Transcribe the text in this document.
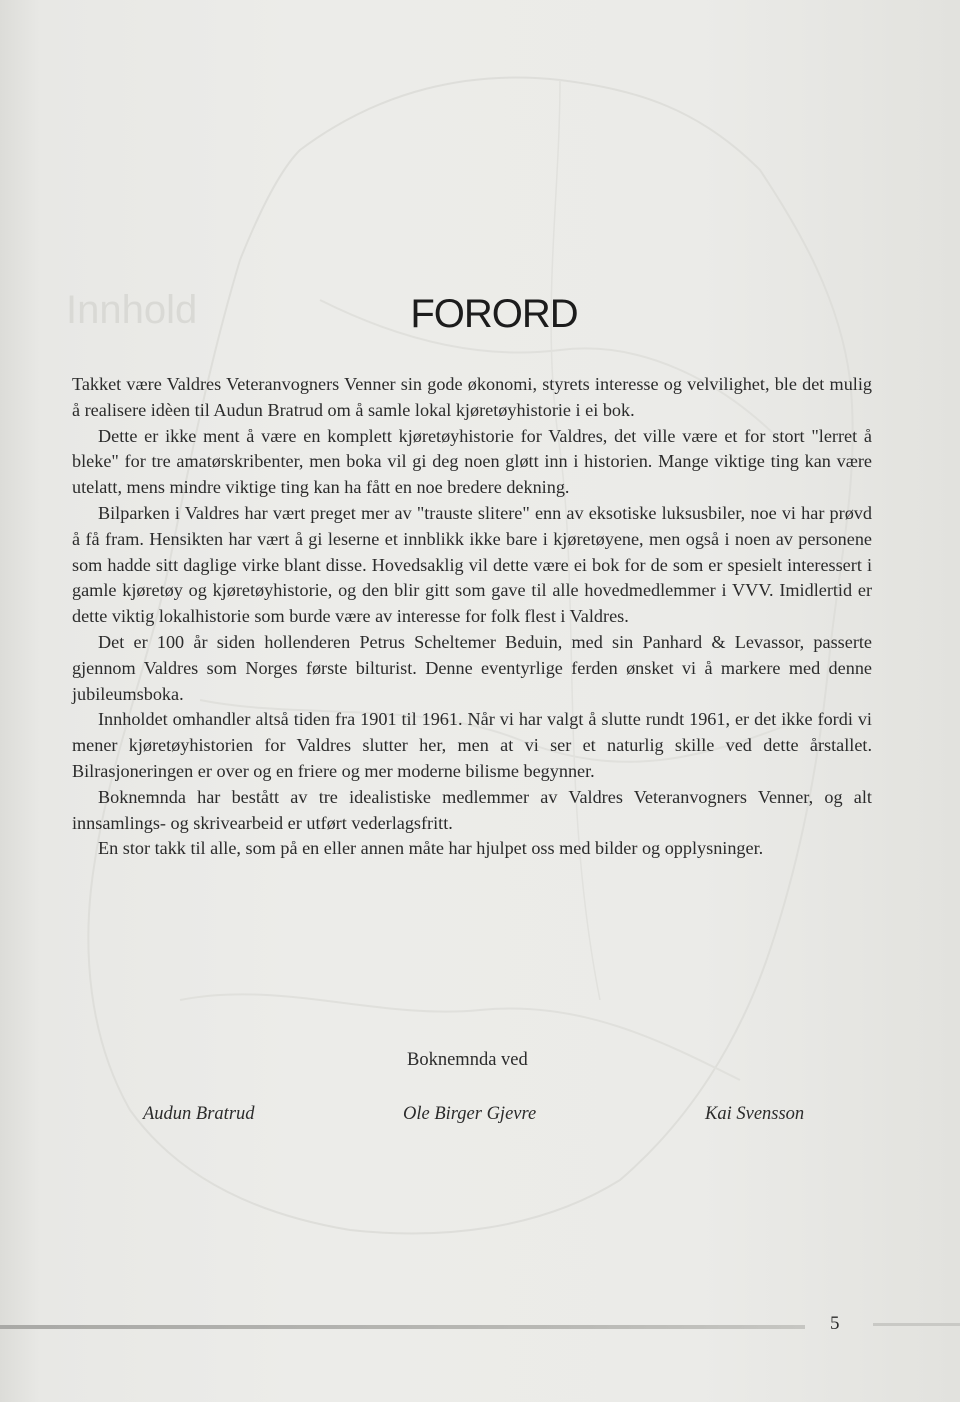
Innhold	FORORD

Takket være Valdres Veteranvogners Venner sin gode økonomi, styrets interesse og velvilighet, ble det mulig å realisere idèen til Audun Bratrud om å samle lokal kjøretøyhistorie i ei bok.

Dette er ikke ment å være en komplett kjøretøyhistorie for Valdres, det ville være et for stort "lerret å bleke" for tre amatørskribenter, men boka vil gi deg noen gløtt inn i historien. Mange viktige ting kan være utelatt, mens mindre viktige ting kan ha fått en noe bredere dekning.

Bilparken i Valdres har vært preget mer av "trauste slitere" enn av eksotiske luksusbiler, noe vi har prøvd å få fram. Hensikten har vært å gi leserne et innblikk ikke bare i kjøretøyene, men også i noen av personene som hadde sitt daglige virke blant disse. Hovedsaklig vil dette være ei bok for de som er spesielt interessert i gamle kjøretøy og kjøretøyhistorie, og den blir gitt som gave til alle hovedmedlemmer i VVV. Imidlertid er dette viktig lokalhistorie som burde være av interesse for folk flest i Valdres.

Det er 100 år siden hollenderen Petrus Scheltemer Beduin, med sin Panhard & Levassor, passerte gjennom Valdres som Norges første bilturist. Denne eventyrlige ferden ønsket vi å markere med denne jubileumsboka.

Innholdet omhandler altså tiden fra 1901 til 1961. Når vi har valgt å slutte rundt 1961, er det ikke fordi vi mener kjøretøyhistorien for Valdres slutter her, men at vi ser et naturlig skille ved dette årstallet. Bilrasjoneringen er over og en friere og mer moderne bilisme begynner.

Boknemnda har bestått av tre idealistiske medlemmer av Valdres Veteranvogners Venner, og alt innsamlings- og skrivearbeid er utført vederlagsfritt.

En stor takk til alle, som på en eller annen måte har hjulpet oss med bilder og opplysninger.

Boknemnda ved
Audun Bratrud	Ole Birger Gjevre	Kai Svensson
5
